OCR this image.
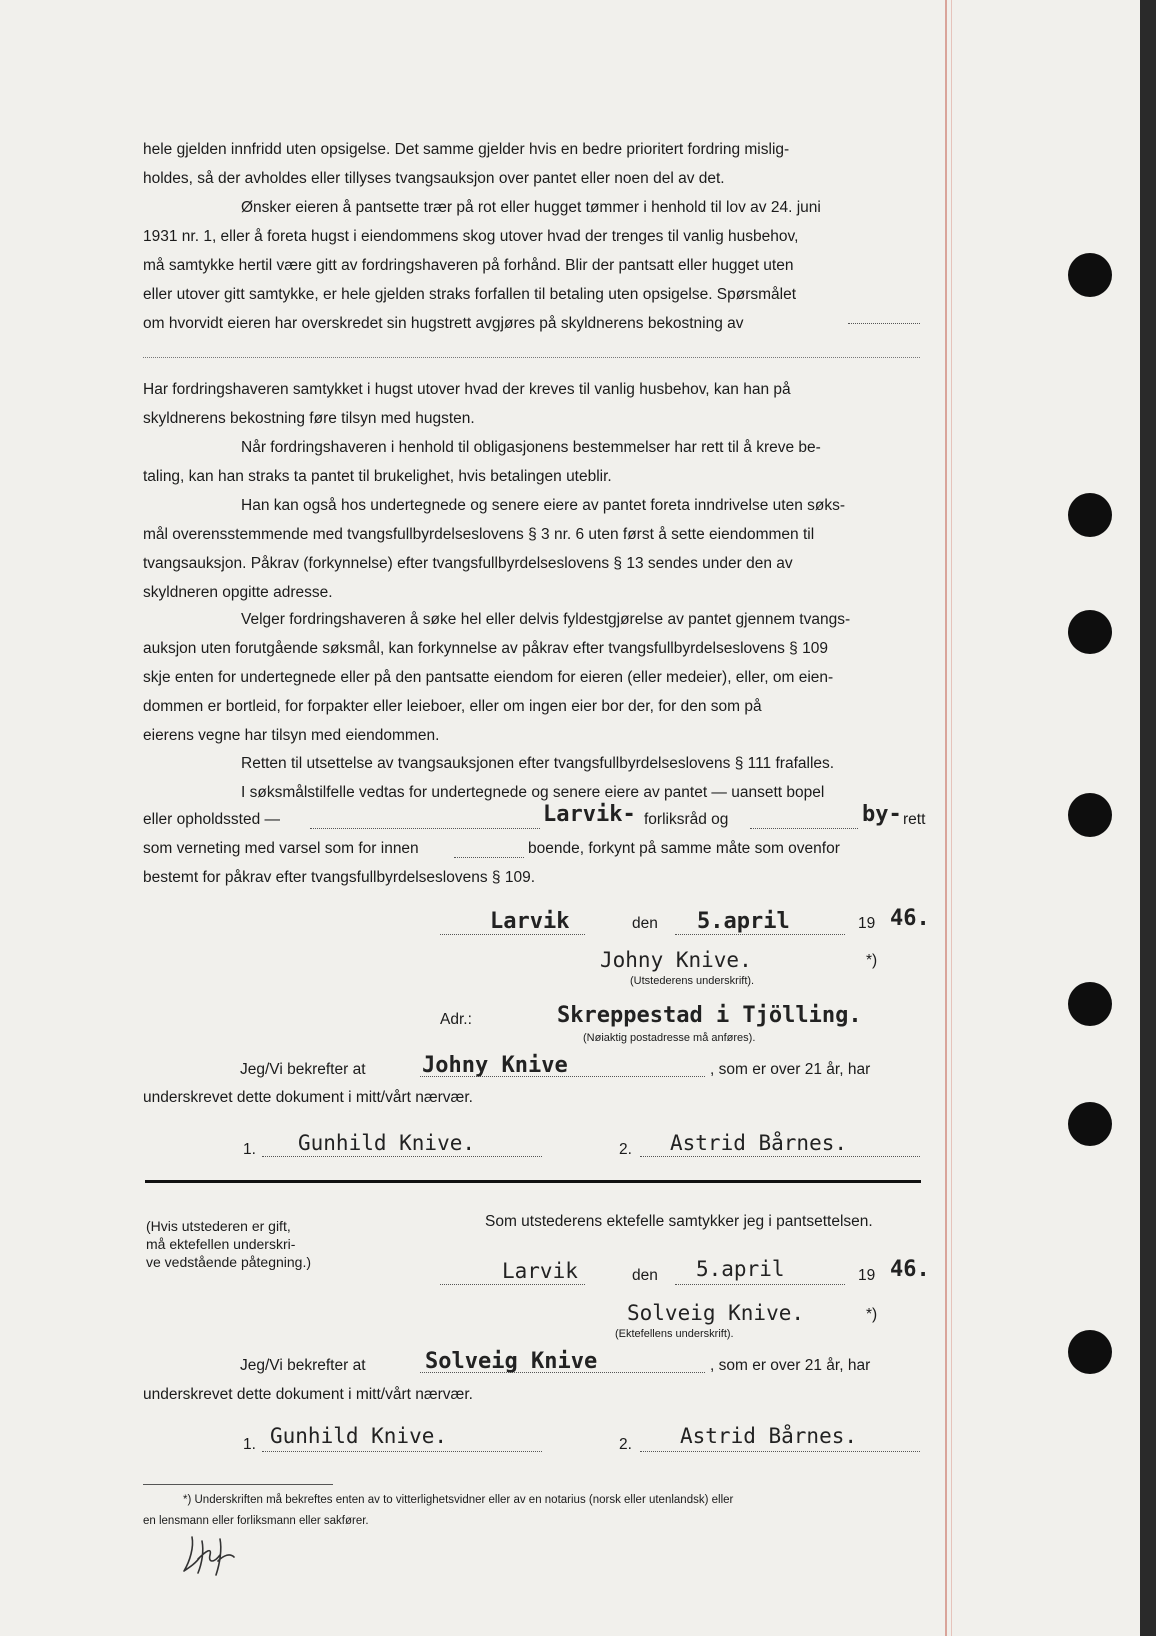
hele gjelden innfridd uten opsigelse. Det samme gjelder hvis en bedre prioritert fordring mislig-
holdes, så der avholdes eller tillyses tvangsauksjon over pantet eller noen del av det.
Ønsker eieren å pantsette trær på rot eller hugget tømmer i henhold til lov av 24. juni
1931 nr. 1, eller å foreta hugst i eiendommens skog utover hvad der trenges til vanlig husbehov,
må samtykke hertil være gitt av fordringshaveren på forhånd. Blir der pantsatt eller hugget uten
eller utover gitt samtykke, er hele gjelden straks forfallen til betaling uten opsigelse. Spørsmålet
om hvorvidt eieren har overskredet sin hugstrett avgjøres på skyldnerens bekostning av
Har fordringshaveren samtykket i hugst utover hvad der kreves til vanlig husbehov, kan han på
skyldnerens bekostning føre tilsyn med hugsten.
Når fordringshaveren i henhold til obligasjonens bestemmelser har rett til å kreve be-
taling, kan han straks ta pantet til brukelighet, hvis betalingen uteblir.
Han kan også hos undertegnede og senere eiere av pantet foreta inndrivelse uten søks-
mål overensstemmende med tvangsfullbyrdelseslovens § 3 nr. 6 uten først å sette eiendommen til
tvangsauksjon. Påkrav (forkynnelse) efter tvangsfullbyrdelseslovens § 13 sendes under den av
skyldneren opgitte adresse.
Velger fordringshaveren å søke hel eller delvis fyldestgjørelse av pantet gjennem tvangs-
auksjon uten forutgående søksmål, kan forkynnelse av påkrav efter tvangsfullbyrdelseslovens § 109
skje enten for undertegnede eller på den pantsatte eiendom for eieren (eller medeier), eller, om eien-
dommen er bortleid, for forpakter eller leieboer, eller om ingen eier bor der, for den som på
eierens vegne har tilsyn med eiendommen.
Retten til utsettelse av tvangsauksjonen efter tvangsfullbyrdelseslovens § 111 frafalles.
I søksmålstilfelle vedtas for undertegnede og senere eiere av pantet — uansett bopel
eller opholdssted —	Larvik- forliksråd og	by- rett
som verneting med varsel som for innen	boende, forkynt på samme måte som ovenfor
bestemt for påkrav efter tvangsfullbyrdelseslovens § 109.
Larvik	den 5.april	19 46.
Johny Knive.	*)
(Utstederens underskrift).
Adr.:	Skreppestad i Tjölling.
(Nøiaktig postadresse må anføres).
Jeg/Vi bekrefter at	Johny Knive	, som er over 21 år, har
underskrevet dette dokument i mitt/vårt nærvær.
1. Gunhild Knive.	2. Astrid Bårnes.
(Hvis utstederen er gift,
må ektefellen underskri-
ve vedstående påtegning.)
Som utstederens ektefelle samtykker jeg i pantsettelsen.
Larvik	den 5.april	19 46.
Solveig Knive.	*)
(Ektefellens underskrift).
Jeg/Vi bekrefter at	Solveig Knive	, som er over 21 år, har
underskrevet dette dokument i mitt/vårt nærvær.
1. Gunhild Knive.	2. Astrid Bårnes.
*) Underskriften må bekreftes enten av to vitterlighetsvidner eller av en notarius (norsk eller utenlandsk) eller
en lensmann eller forliksmann eller sakfører.
